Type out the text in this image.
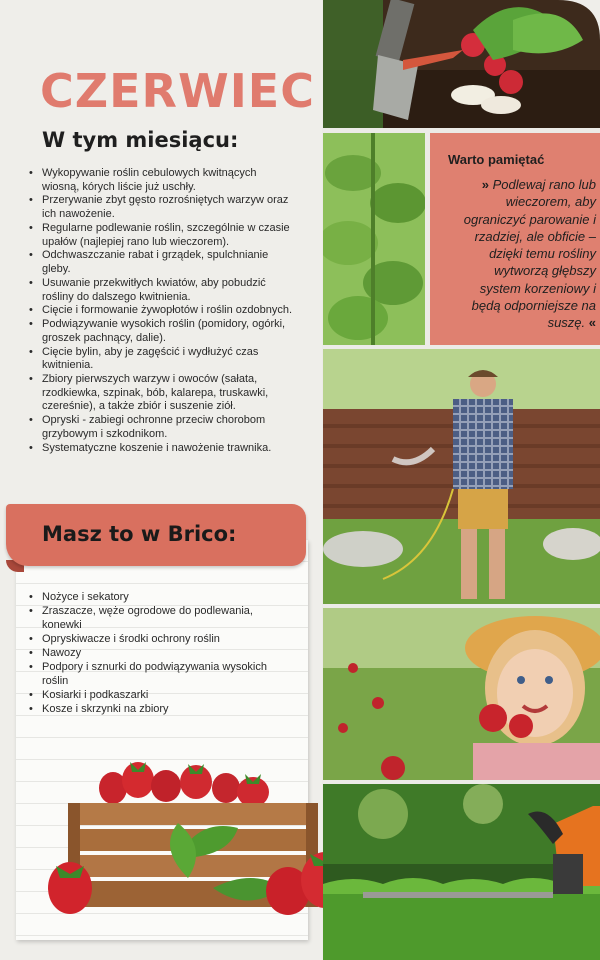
CZERWIEC
W tym miesiącu:
• Wykopywanie roślin cebulowych kwitnących wiosną, kórych liście już uschły.
• Przerywanie zbyt gęsto rozrośniętych warzyw oraz ich nawożenie.
• Regularne podlewanie roślin, szczególnie w czasie upałów (najlepiej rano lub wieczorem).
• Odchwaszczanie rabat i grządek, spulchnianie gleby.
• Usuwanie przekwitłych kwiatów, aby pobudzić rośliny do dalszego kwitnienia.
• Cięcie i formowanie żywopłotów i roślin ozdobnych.
• Podwiązywanie wysokich roślin (pomidory, ogórki, groszek pachnący, dalie).
• Cięcie bylin, aby je zagęścić i wydłużyć czas kwitnienia.
• Zbiory pierwszych warzyw i owoców (sałata, rzodkiewka, szpinak, bób, kalarepa, truskawki, czereśnie), a także zbiór i suszenie ziół.
• Opryski - zabiegi ochronne przeciw chorobom grzybowym i szkodnikom.
• Systematyczne koszenie i nawożenie trawnika.
Masz to w Brico:
• Nożyce i sekatory
• Zraszacze, węże ogrodowe do podlewania, konewki
• Opryskiwacze i środki ochrony roślin
• Nawozy
• Podpory i sznurki do podwiązywania wysokich roślin
• Kosiarki i podkaszarki
• Kosze i skrzynki na zbiory

Warto pamiętać

» Podlewaj rano lub wieczorem, aby ograniczyć parowanie i rzadziej, ale obficie – dzięki temu rośliny wytworzą głębszy system korzeniowy i będą odporniejsze na suszę. «
